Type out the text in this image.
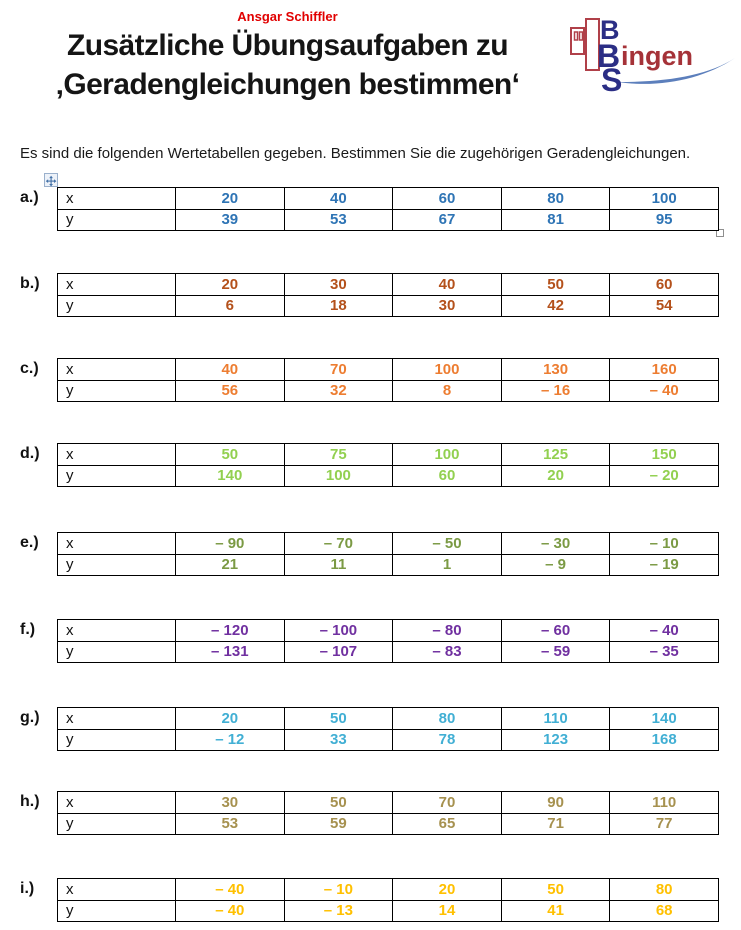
Ansgar Schiffler
Zusätzliche Übungsaufgaben zu
‚Geradengleichungen bestimmen‘
B
B ingen
S
Es sind die folgenden Wertetabellen gegeben. Bestimmen Sie die zugehörigen Geradengleichungen.
a.)	x	20	40	60	80	100
y	39	53	67	81	95
b.)	x	20	30	40	50	60
y	6	18	30	42	54
c.)	x	40	70	100	130	160
y	56	32	8	– 16	– 40
d.)	x	50	75	100	125	150
y	140	100	60	20	– 20
e.)	x	– 90	– 70	– 50	– 30	– 10
y	21	11	1	– 9	– 19
f.)	x	– 120	– 100	– 80	– 60	– 40
y	– 131	– 107	– 83	– 59	– 35
g.)	x	20	50	80	110	140
y	– 12	33	78	123	168
h.)	x	30	50	70	90	110
y	53	59	65	71	77
i.)	x	– 40	– 10	20	50	80
y	– 40	– 13	14	41	68
